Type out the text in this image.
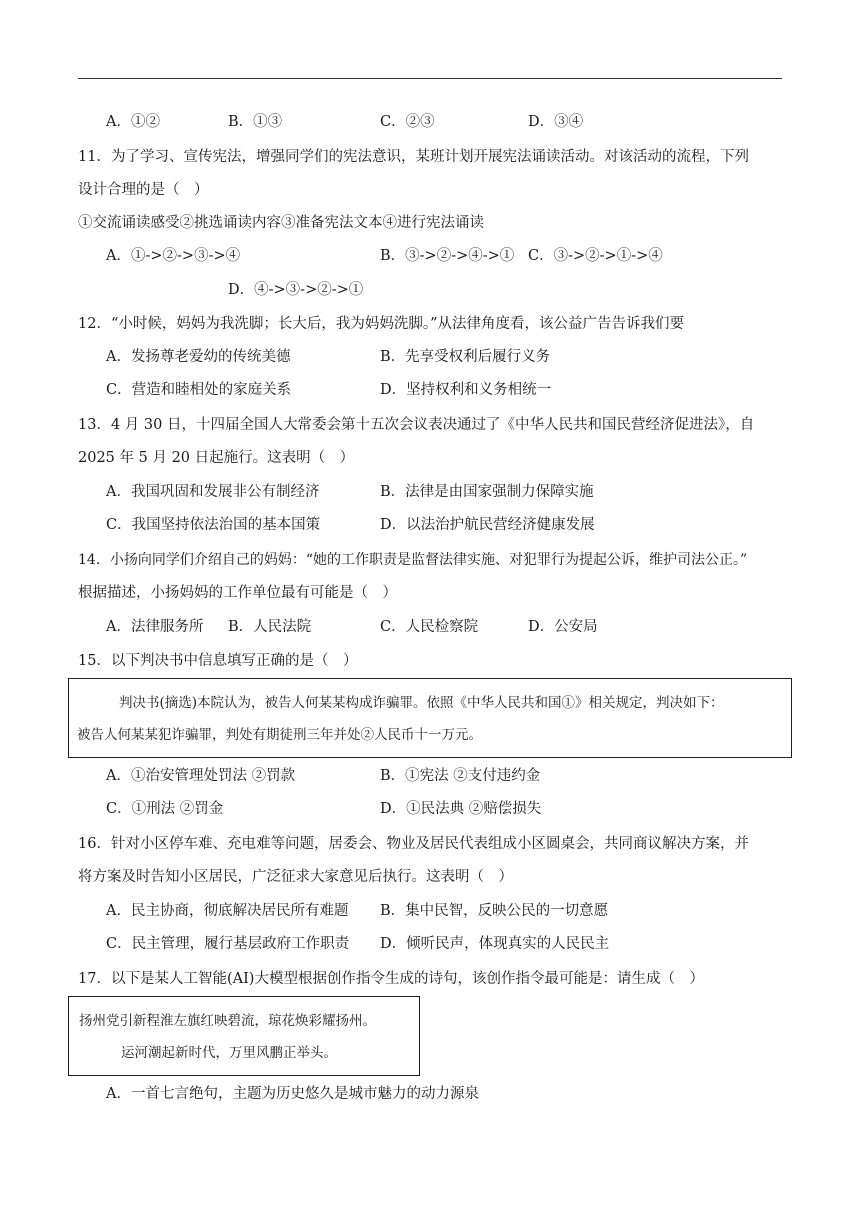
A．①②	B．①③	C．②③	D．③④
11．为了学习、宣传宪法，增强同学们的宪法意识，某班计划开展宪法诵读活动。对该活动的流程，下列
设计合理的是（　）
①交流诵读感受②挑选诵读内容③准备宪法文本④进行宪法诵读
A．①->②->③->④	B．③->②->④->① C．③->②->①->④
D．④->③->②->①
12．“小时候，妈妈为我洗脚；长大后，我为妈妈洗脚。”从法律角度看，该公益广告告诉我们要
A．发扬尊老爱幼的传统美德	B．先享受权利后履行义务
C．营造和睦相处的家庭关系	D．坚持权利和义务相统一
13．4 月 30 日，十四届全国人大常委会第十五次会议表决通过了《中华人民共和国民营经济促进法》，自
2025 年 5 月 20 日起施行。这表明（　）
A．我国巩固和发展非公有制经济	B．法律是由国家强制力保障实施
C．我国坚持依法治国的基本国策	D．以法治护航民营经济健康发展
14．小扬向同学们介绍自己的妈妈：“她的工作职责是监督法律实施、对犯罪行为提起公诉，维护司法公正。”
根据描述，小扬妈妈的工作单位最有可能是（　）
A．法律服务所 B．人民法院	C．人民检察院	D．公安局
15．以下判决书中信息填写正确的是（　）
判决书(摘选)本院认为，被告人何某某构成诈骗罪。依照《中华人民共和国①》相关规定，判决如下：
被告人何某某犯诈骗罪，判处有期徒刑三年并处②人民币十一万元。
A．①治安管理处罚法 ②罚款	B．①宪法 ②支付违约金
C．①刑法 ②罚金	D．①民法典 ②赔偿损失
16．针对小区停车难、充电难等问题，居委会、物业及居民代表组成小区圆桌会，共同商议解决方案，并
将方案及时告知小区居民，广泛征求大家意见后执行。这表明（　）
A．民主协商，彻底解决居民所有难题 B．集中民智，反映公民的一切意愿
C．民主管理，履行基层政府工作职责 D．倾听民声，体现真实的人民民主
17．以下是某人工智能(AI)大模型根据创作指令生成的诗句，该创作指令最可能是：请生成（　）
扬州党引新程淮左旗红映碧流，琼花焕彩耀扬州。
运河潮起新时代，万里风鹏正举头。
A．一首七言绝句，主题为历史悠久是城市魅力的动力源泉
